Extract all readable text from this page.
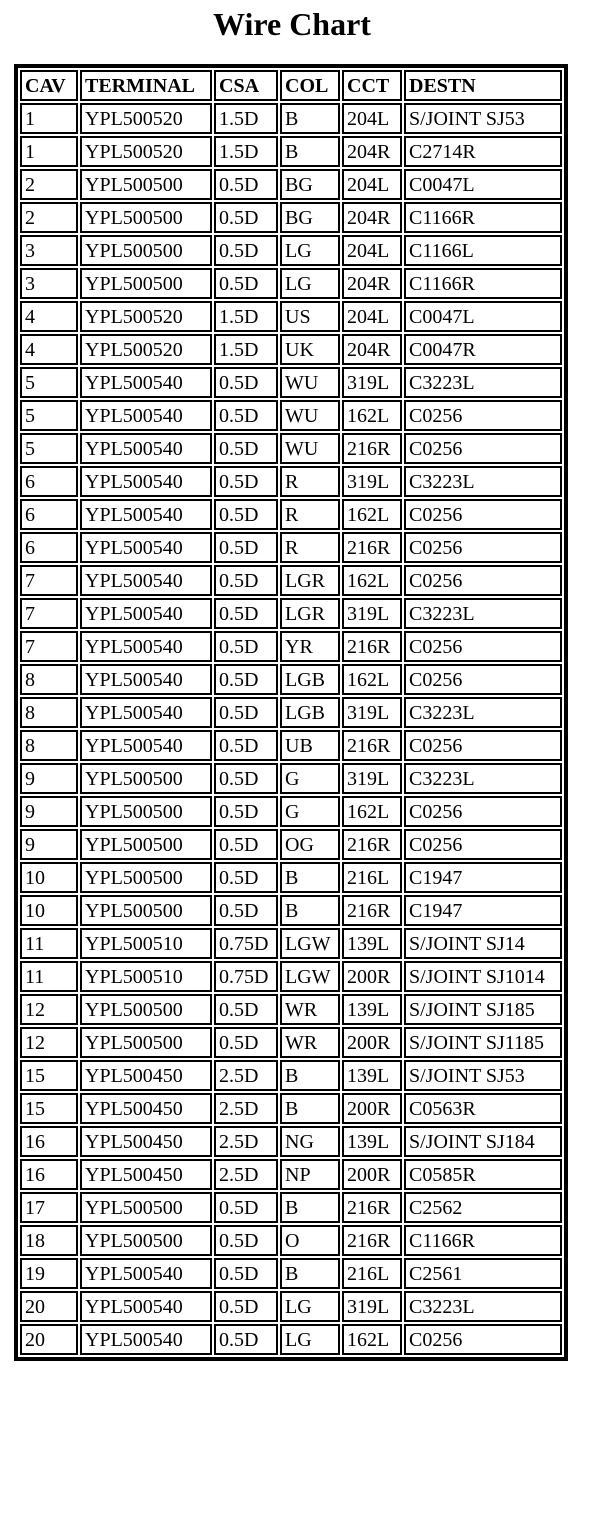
Wire Chart
CAV	TERMINAL	CSA	COL	CCT	DESTN
1	YPL500520	1.5D	B	204L	S/JOINT SJ53
1	YPL500520	1.5D	B	204R	C2714R
2	YPL500500	0.5D	BG	204L	C0047L
2	YPL500500	0.5D	BG	204R	C1166R
3	YPL500500	0.5D	LG	204L	C1166L
3	YPL500500	0.5D	LG	204R	C1166R
4	YPL500520	1.5D	US	204L	C0047L
4	YPL500520	1.5D	UK	204R	C0047R
5	YPL500540	0.5D	WU	319L	C3223L
5	YPL500540	0.5D	WU	162L	C0256
5	YPL500540	0.5D	WU	216R	C0256
6	YPL500540	0.5D	R	319L	C3223L
6	YPL500540	0.5D	R	162L	C0256
6	YPL500540	0.5D	R	216R	C0256
7	YPL500540	0.5D	LGR	162L	C0256
7	YPL500540	0.5D	LGR	319L	C3223L
7	YPL500540	0.5D	YR	216R	C0256
8	YPL500540	0.5D	LGB	162L	C0256
8	YPL500540	0.5D	LGB	319L	C3223L
8	YPL500540	0.5D	UB	216R	C0256
9	YPL500500	0.5D	G	319L	C3223L
9	YPL500500	0.5D	G	162L	C0256
9	YPL500500	0.5D	OG	216R	C0256
10	YPL500500	0.5D	B	216L	C1947
10	YPL500500	0.5D	B	216R	C1947
11	YPL500510	0.75D	LGW	139L	S/JOINT SJ14
11	YPL500510	0.75D	LGW	200R	S/JOINT SJ1014
12	YPL500500	0.5D	WR	139L	S/JOINT SJ185
12	YPL500500	0.5D	WR	200R	S/JOINT SJ1185
15	YPL500450	2.5D	B	139L	S/JOINT SJ53
15	YPL500450	2.5D	B	200R	C0563R
16	YPL500450	2.5D	NG	139L	S/JOINT SJ184
16	YPL500450	2.5D	NP	200R	C0585R
17	YPL500500	0.5D	B	216R	C2562
18	YPL500500	0.5D	O	216R	C1166R
19	YPL500540	0.5D	B	216L	C2561
20	YPL500540	0.5D	LG	319L	C3223L
20	YPL500540	0.5D	LG	162L	C0256
